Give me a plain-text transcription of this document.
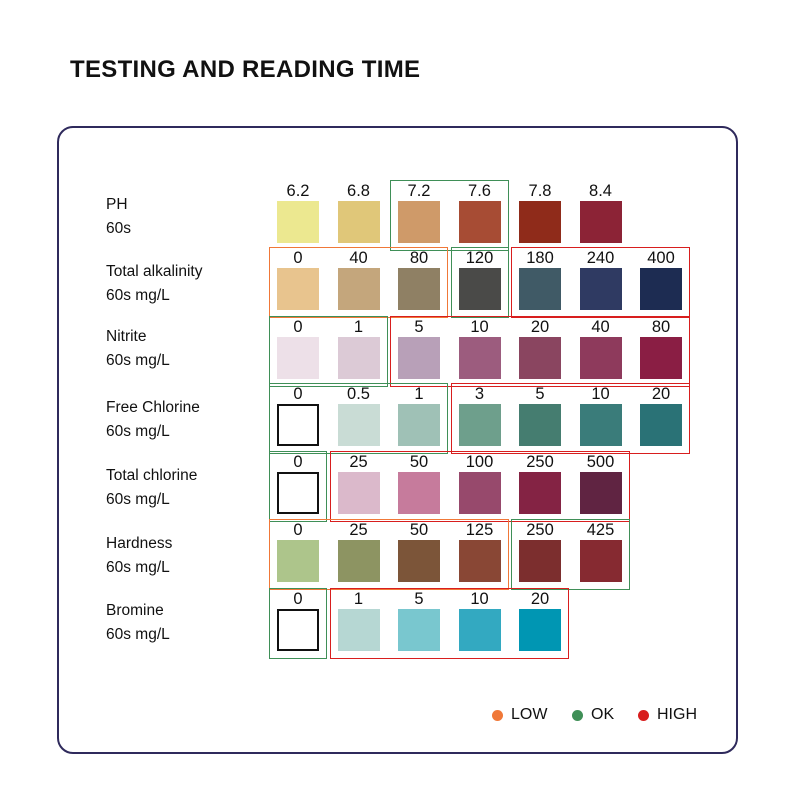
TESTING AND READING TIME
PH
60s
6.2	6.8	7.2	7.6	7.8	8.4
Total alkalinity
60s mg/L
0	40	80	120	180	240	400
Nitrite
60s mg/L
0	1	5	10	20	40	80
Free Chlorine
60s mg/L
0	0.5	1	3	5	10	20
Total chlorine
60s mg/L
0	25	50	100	250	500
Hardness
60s mg/L
0	25	50	125	250	425
Bromine
60s mg/L
0	1	5	10	20
LOW	OK	HIGH
